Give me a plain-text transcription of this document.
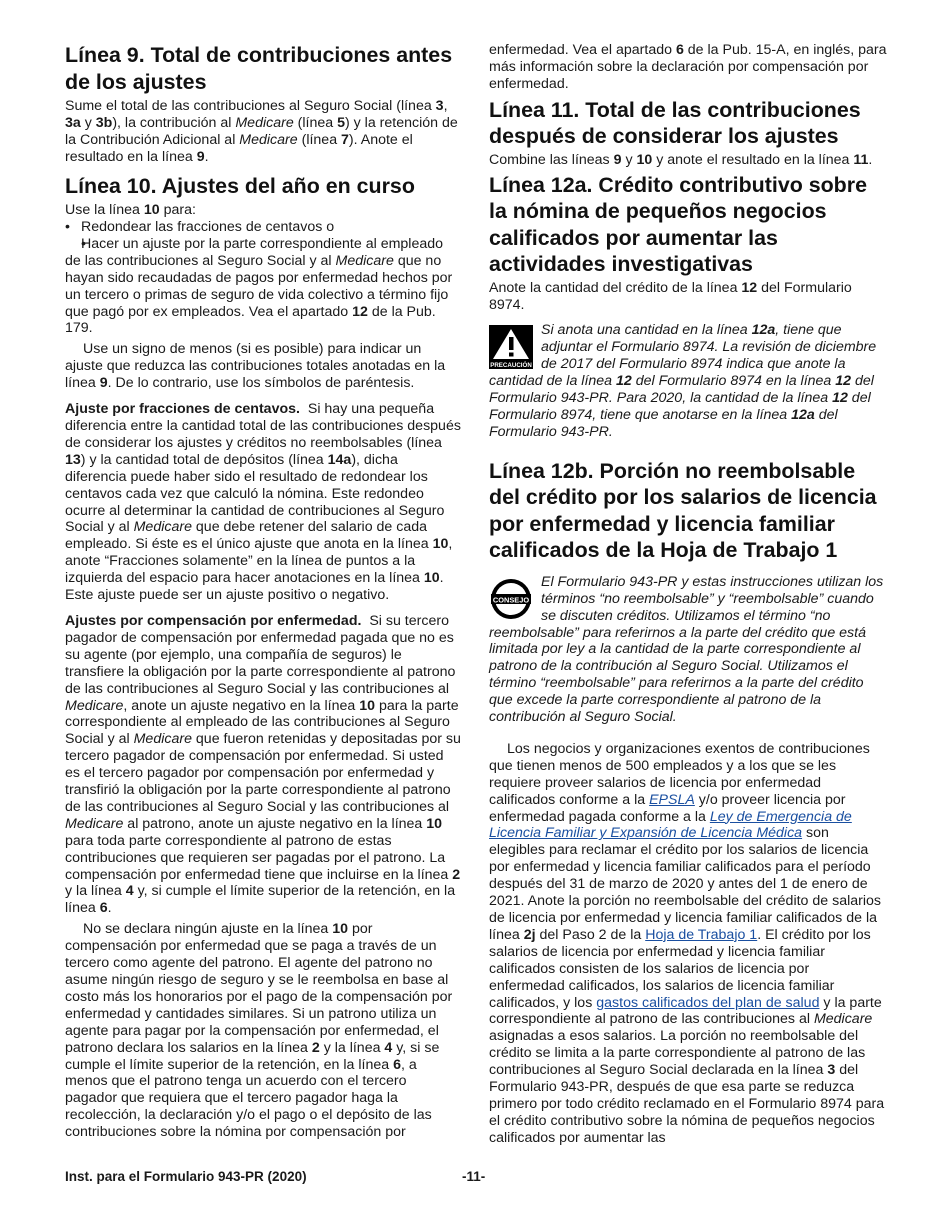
Línea 9. Total de contribuciones antes de los ajustes

Sume el total de las contribuciones al Seguro Social (línea 3, 3a y 3b), la contribución al Medicare (línea 5) y la retención de la Contribución Adicional al Medicare (línea 7). Anote el resultado en la línea 9.

Línea 10. Ajustes del año en curso

Use la línea 10 para:

• Redondear las fracciones de centavos o
• Hacer un ajuste por la parte correspondiente al empleado de las contribuciones al Seguro Social y al Medicare que no hayan sido recaudadas de pagos por enfermedad hechos por un tercero o primas de seguro de vida colectivo a término fijo que pagó por ex empleados. Vea el apartado 12 de la Pub. 179.

Use un signo de menos (si es posible) para indicar un ajuste que reduzca las contribuciones totales anotadas en la línea 9. De lo contrario, use los símbolos de paréntesis.

Ajuste por fracciones de centavos. Si hay una pequeña diferencia entre la cantidad total de las contribuciones después de considerar los ajustes y créditos no reembolsables (línea 13) y la cantidad total de depósitos (línea 14a), dicha diferencia puede haber sido el resultado de redondear los centavos cada vez que calculó la nómina. Este redondeo ocurre al determinar la cantidad de contribuciones al Seguro Social y al Medicare que debe retener del salario de cada empleado. Si éste es el único ajuste que anota en la línea 10, anote “Fracciones solamente” en la línea de puntos a la izquierda del espacio para hacer anotaciones en la línea 10. Este ajuste puede ser un ajuste positivo o negativo.

Ajustes por compensación por enfermedad. Si su tercero pagador de compensación por enfermedad pagada que no es su agente (por ejemplo, una compañía de seguros) le transfiere la obligación por la parte correspondiente al patrono de las contribuciones al Seguro Social y las contribuciones al Medicare, anote un ajuste negativo en la línea 10 para la parte correspondiente al empleado de las contribuciones al Seguro Social y al Medicare que fueron retenidas y depositadas por su tercero pagador de compensación por enfermedad. Si usted es el tercero pagador por compensación por enfermedad y transfirió la obligación por la parte correspondiente al patrono de las contribuciones al Seguro Social y las contribuciones al Medicare al patrono, anote un ajuste negativo en la línea 10 para toda parte correspondiente al patrono de estas contribuciones que requieren ser pagadas por el patrono. La compensación por enfermedad tiene que incluirse en la línea 2 y la línea 4 y, si cumple el límite superior de la retención, en la línea 6.

No se declara ningún ajuste en la línea 10 por compensación por enfermedad que se paga a través de un tercero como agente del patrono. El agente del patrono no asume ningún riesgo de seguro y se le reembolsa en base al costo más los honorarios por el pago de la compensación por enfermedad y cantidades similares. Si un patrono utiliza un agente para pagar por la compensación por enfermedad, el patrono declara los salarios en la línea 2 y la línea 4 y, si se cumple el límite superior de la retención, en la línea 6, a menos que el patrono tenga un acuerdo con el tercero pagador que requiera que el tercero pagador haga la recolección, la declaración y/o el pago o el depósito de las contribuciones sobre la nómina por compensación por

enfermedad. Vea el apartado 6 de la Pub. 15-A, en inglés, para más información sobre la declaración por compensación por enfermedad.

Línea 11. Total de las contribuciones después de considerar los ajustes

Combine las líneas 9 y 10 y anote el resultado en la línea 11.

Línea 12a. Crédito contributivo sobre la nómina de pequeños negocios calificados por aumentar las actividades investigativas

Anote la cantidad del crédito de la línea 12 del Formulario 8974.

PRECAUCIÓN

Si anota una cantidad en la línea 12a, tiene que adjuntar el Formulario 8974. La revisión de diciembre de 2017 del Formulario 8974 indica que anote la cantidad de la línea 12 del Formulario 8974 en la línea 12 del Formulario 943-PR. Para 2020, la cantidad de la línea 12 del Formulario 8974, tiene que anotarse en la línea 12a del Formulario 943-PR.

Línea 12b. Porción no reembolsable del crédito por los salarios de licencia por enfermedad y licencia familiar calificados de la Hoja de Trabajo 1
CONSEJO

El Formulario 943-PR y estas instrucciones utilizan los términos “no reembolsable” y “reembolsable” cuando se discuten créditos. Utilizamos el término “no reembolsable” para referirnos a la parte del crédito que está limitada por ley a la cantidad de la parte correspondiente al patrono de la contribución al Seguro Social. Utilizamos el término “reembolsable” para referirnos a la parte del crédito que excede la parte correspondiente al patrono de la contribución al Seguro Social.

Los negocios y organizaciones exentos de contribuciones que tienen menos de 500 empleados y a los que se les requiere proveer salarios de licencia por enfermedad calificados conforme a la EPSLA y/o proveer licencia por enfermedad pagada conforme a la Ley de Emergencia de Licencia Familiar y Expansión de Licencia Médica son elegibles para reclamar el crédito por los salarios de licencia por enfermedad y licencia familiar calificados para el período después del 31 de marzo de 2020 y antes del 1 de enero de 2021. Anote la porción no reembolsable del crédito de salarios de licencia por enfermedad y licencia familiar calificados de la línea 2j del Paso 2 de la Hoja de Trabajo 1. El crédito por los salarios de licencia por enfermedad y licencia familiar calificados consisten de los salarios de licencia por enfermedad calificados, los salarios de licencia familiar calificados, y los gastos calificados del plan de salud y la parte correspondiente al patrono de las contribuciones al Medicare asignadas a esos salarios. La porción no reembolsable del crédito se limita a la parte correspondiente al patrono de las contribuciones al Seguro Social declarada en la línea 3 del Formulario 943-PR, después de que esa parte se reduzca primero por todo crédito reclamado en el Formulario 8974 para el crédito contributivo sobre la nómina de pequeños negocios calificados por aumentar las

Inst. para el Formulario 943-PR (2020)	-11-
